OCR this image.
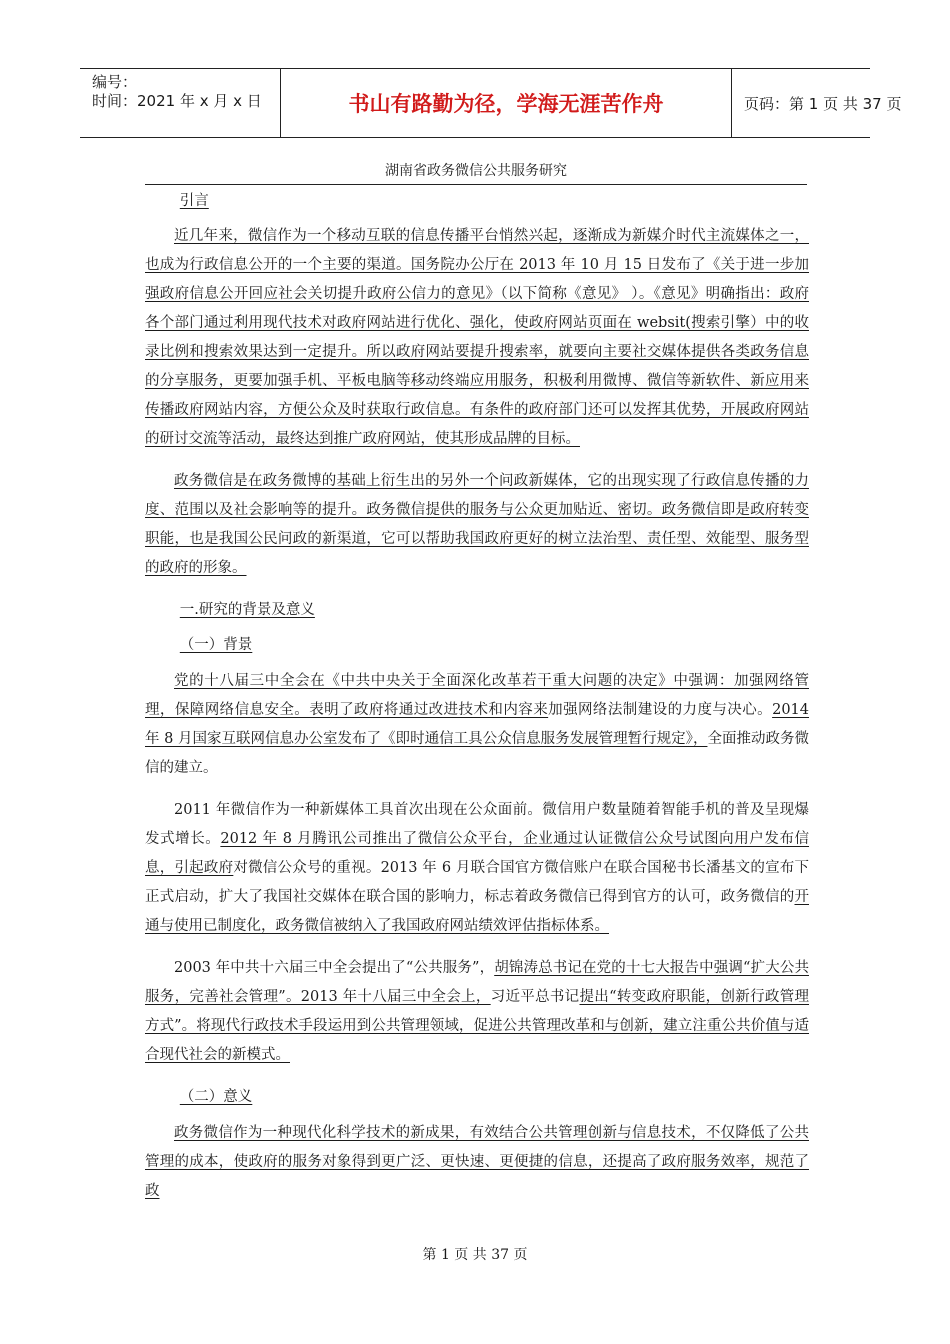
编号：
时间：2021 年 x 月 x 日	书山有路勤为径，学海无涯苦作舟	页码：第 1 页 共 37 页
湖南省政务微信公共服务研究

引言

近几年来，微信作为一个移动互联的信息传播平台悄然兴起，逐渐成为新媒介时代主流媒体之一，也成为行政信息公开的一个主要的渠道。国务院办公厅在 2013 年 10 月 15 日发布了《关于进一步加强政府信息公开回应社会关切提升政府公信力的意见》（以下简称《意见》 ）。《意见》明确指出：政府各个部门通过利用现代技术对政府网站进行优化、强化，使政府网站页面在 websit(搜索引擎）中的收录比例和搜索效果达到一定提升。所以政府网站要提升搜索率，就要向主要社交媒体提供各类政务信息的分享服务，更要加强手机、平板电脑等移动终端应用服务，积极利用微博、微信等新软件、新应用来传播政府网站内容，方便公众及时获取行政信息。有条件的政府部门还可以发挥其优势，开展政府网站的研讨交流等活动，最终达到推广政府网站，使其形成品牌的目标。

政务微信是在政务微博的基础上衍生出的另外一个问政新媒体，它的出现实现了行政信息传播的力度、范围以及社会影响等的提升。政务微信提供的服务与公众更加贴近、密切。政务微信即是政府转变职能，也是我国公民问政的新渠道，它可以帮助我国政府更好的树立法治型、责任型、效能型、服务型的政府的形象。

一.研究的背景及意义

（一）背景

党的十八届三中全会在《中共中央关于全面深化改革若干重大问题的决定》中强调：加强网络管理，保障网络信息安全。表明了政府将通过改进技术和内容来加强网络法制建设的力度与决心。2014 年 8 月国家互联网信息办公室发布了《即时通信工具公众信息服务发展管理暂行规定》，全面推动政务微信的建立。

2011 年微信作为一种新媒体工具首次出现在公众面前。微信用户数量随着智能手机的普及呈现爆发式增长。2012 年 8 月腾讯公司推出了微信公众平台，企业通过认证微信公众号试图向用户发布信息，引起政府对微信公众号的重视。2013 年 6 月联合国官方微信账户在联合国秘书长潘基文的宣布下正式启动，扩大了我国社交媒体在联合国的影响力，标志着政务微信已得到官方的认可，政务微信的开通与使用已制度化，政务微信被纳入了我国政府网站绩效评估指标体系。

2003 年中共十六届三中全会提出了“公共服务”，胡锦涛总书记在党的十七大报告中强调“扩大公共服务，完善社会管理”。2013 年十八届三中全会上，习近平总书记提出“转变政府职能，创新行政管理方式”。将现代行政技术手段运用到公共管理领域，促进公共管理改革和与创新，建立注重公共价值与适合现代社会的新模式。

（二）意义

政务微信作为一种现代化科学技术的新成果，有效结合公共管理创新与信息技术，不仅降低了公共管理的成本，使政府的服务对象得到更广泛、更快速、更便捷的信息，还提高了政府服务效率，规范了政

第 1 页 共 37 页
